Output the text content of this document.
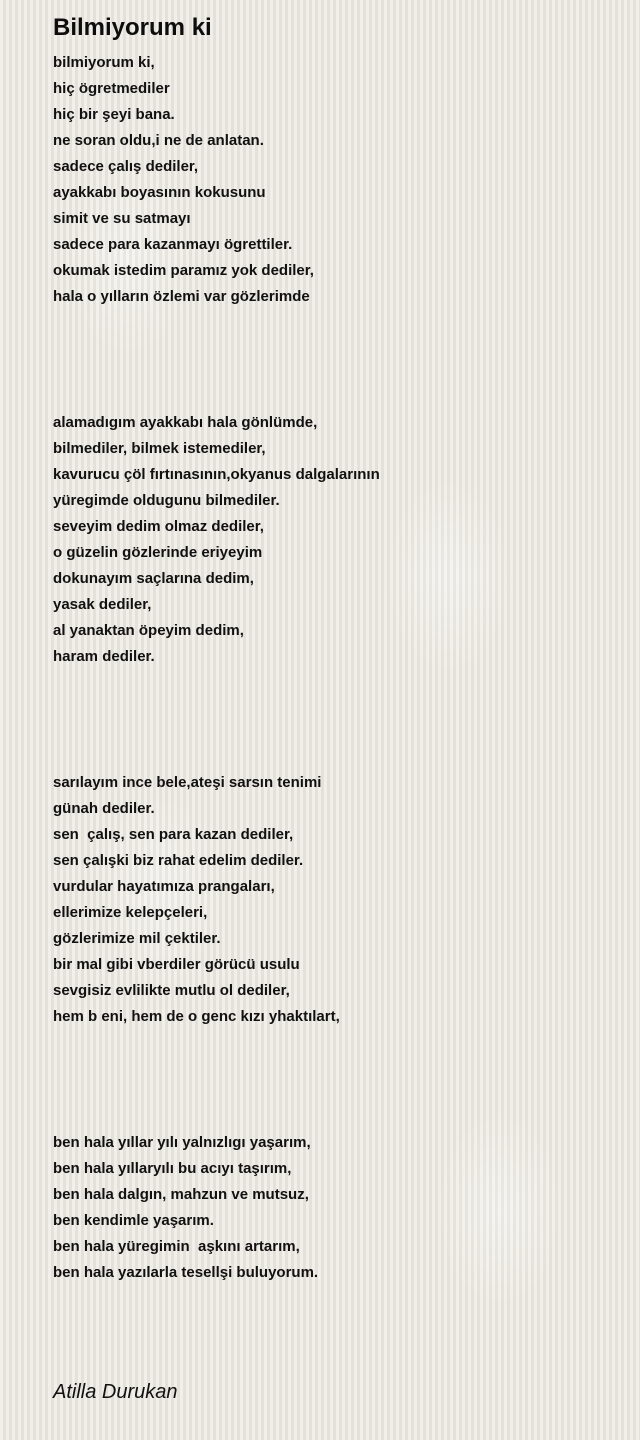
Bilmiyorum ki
bilmiyorum ki,
hiç ögretmediler
hiç bir şeyi bana.
ne soran oldu,i ne de anlatan.
sadece çalış dediler,
ayakkabı boyasının kokusunu
simit ve su satmayı
sadece para kazanmayı ögrettiler.
okumak istedim paramız yok dediler,
hala o yılların özlemi var gözlerimde
alamadıgım ayakkabı hala gönlümde,
bilmediler, bilmek istemediler,
kavurucu çöl fırtınasının,okyanus dalgalarının
yüregimde oldugunu bilmediler.
seveyim dedim olmaz dediler,
o güzelin gözlerinde eriyeyim
dokunayım saçlarına dedim,
yasak dediler,
al yanaktan öpeyim dedim,
haram dediler.
sarılayım ince bele,ateşi sarsın tenimi
günah dediler.
sen  çalış, sen para kazan dediler,
sen çalışki biz rahat edelim dediler.
vurdular hayatımıza prangaları,
ellerimize kelepçeleri,
gözlerimize mil çektiler.
bir mal gibi vberdiler görücü usulu
sevgisiz evlilikte mutlu ol dediler,
hem b eni, hem de o genc kızı yhaktılart,
ben hala yıllar yılı yalnızlıgı yaşarım,
ben hala yıllaryılı bu acıyı taşırım,
ben hala dalgın, mahzun ve mutsuz,
ben kendimle yaşarım.
ben hala yüregimin  aşkını artarım,
ben hala yazılarla tesellşi buluyorum.
Atilla Durukan
